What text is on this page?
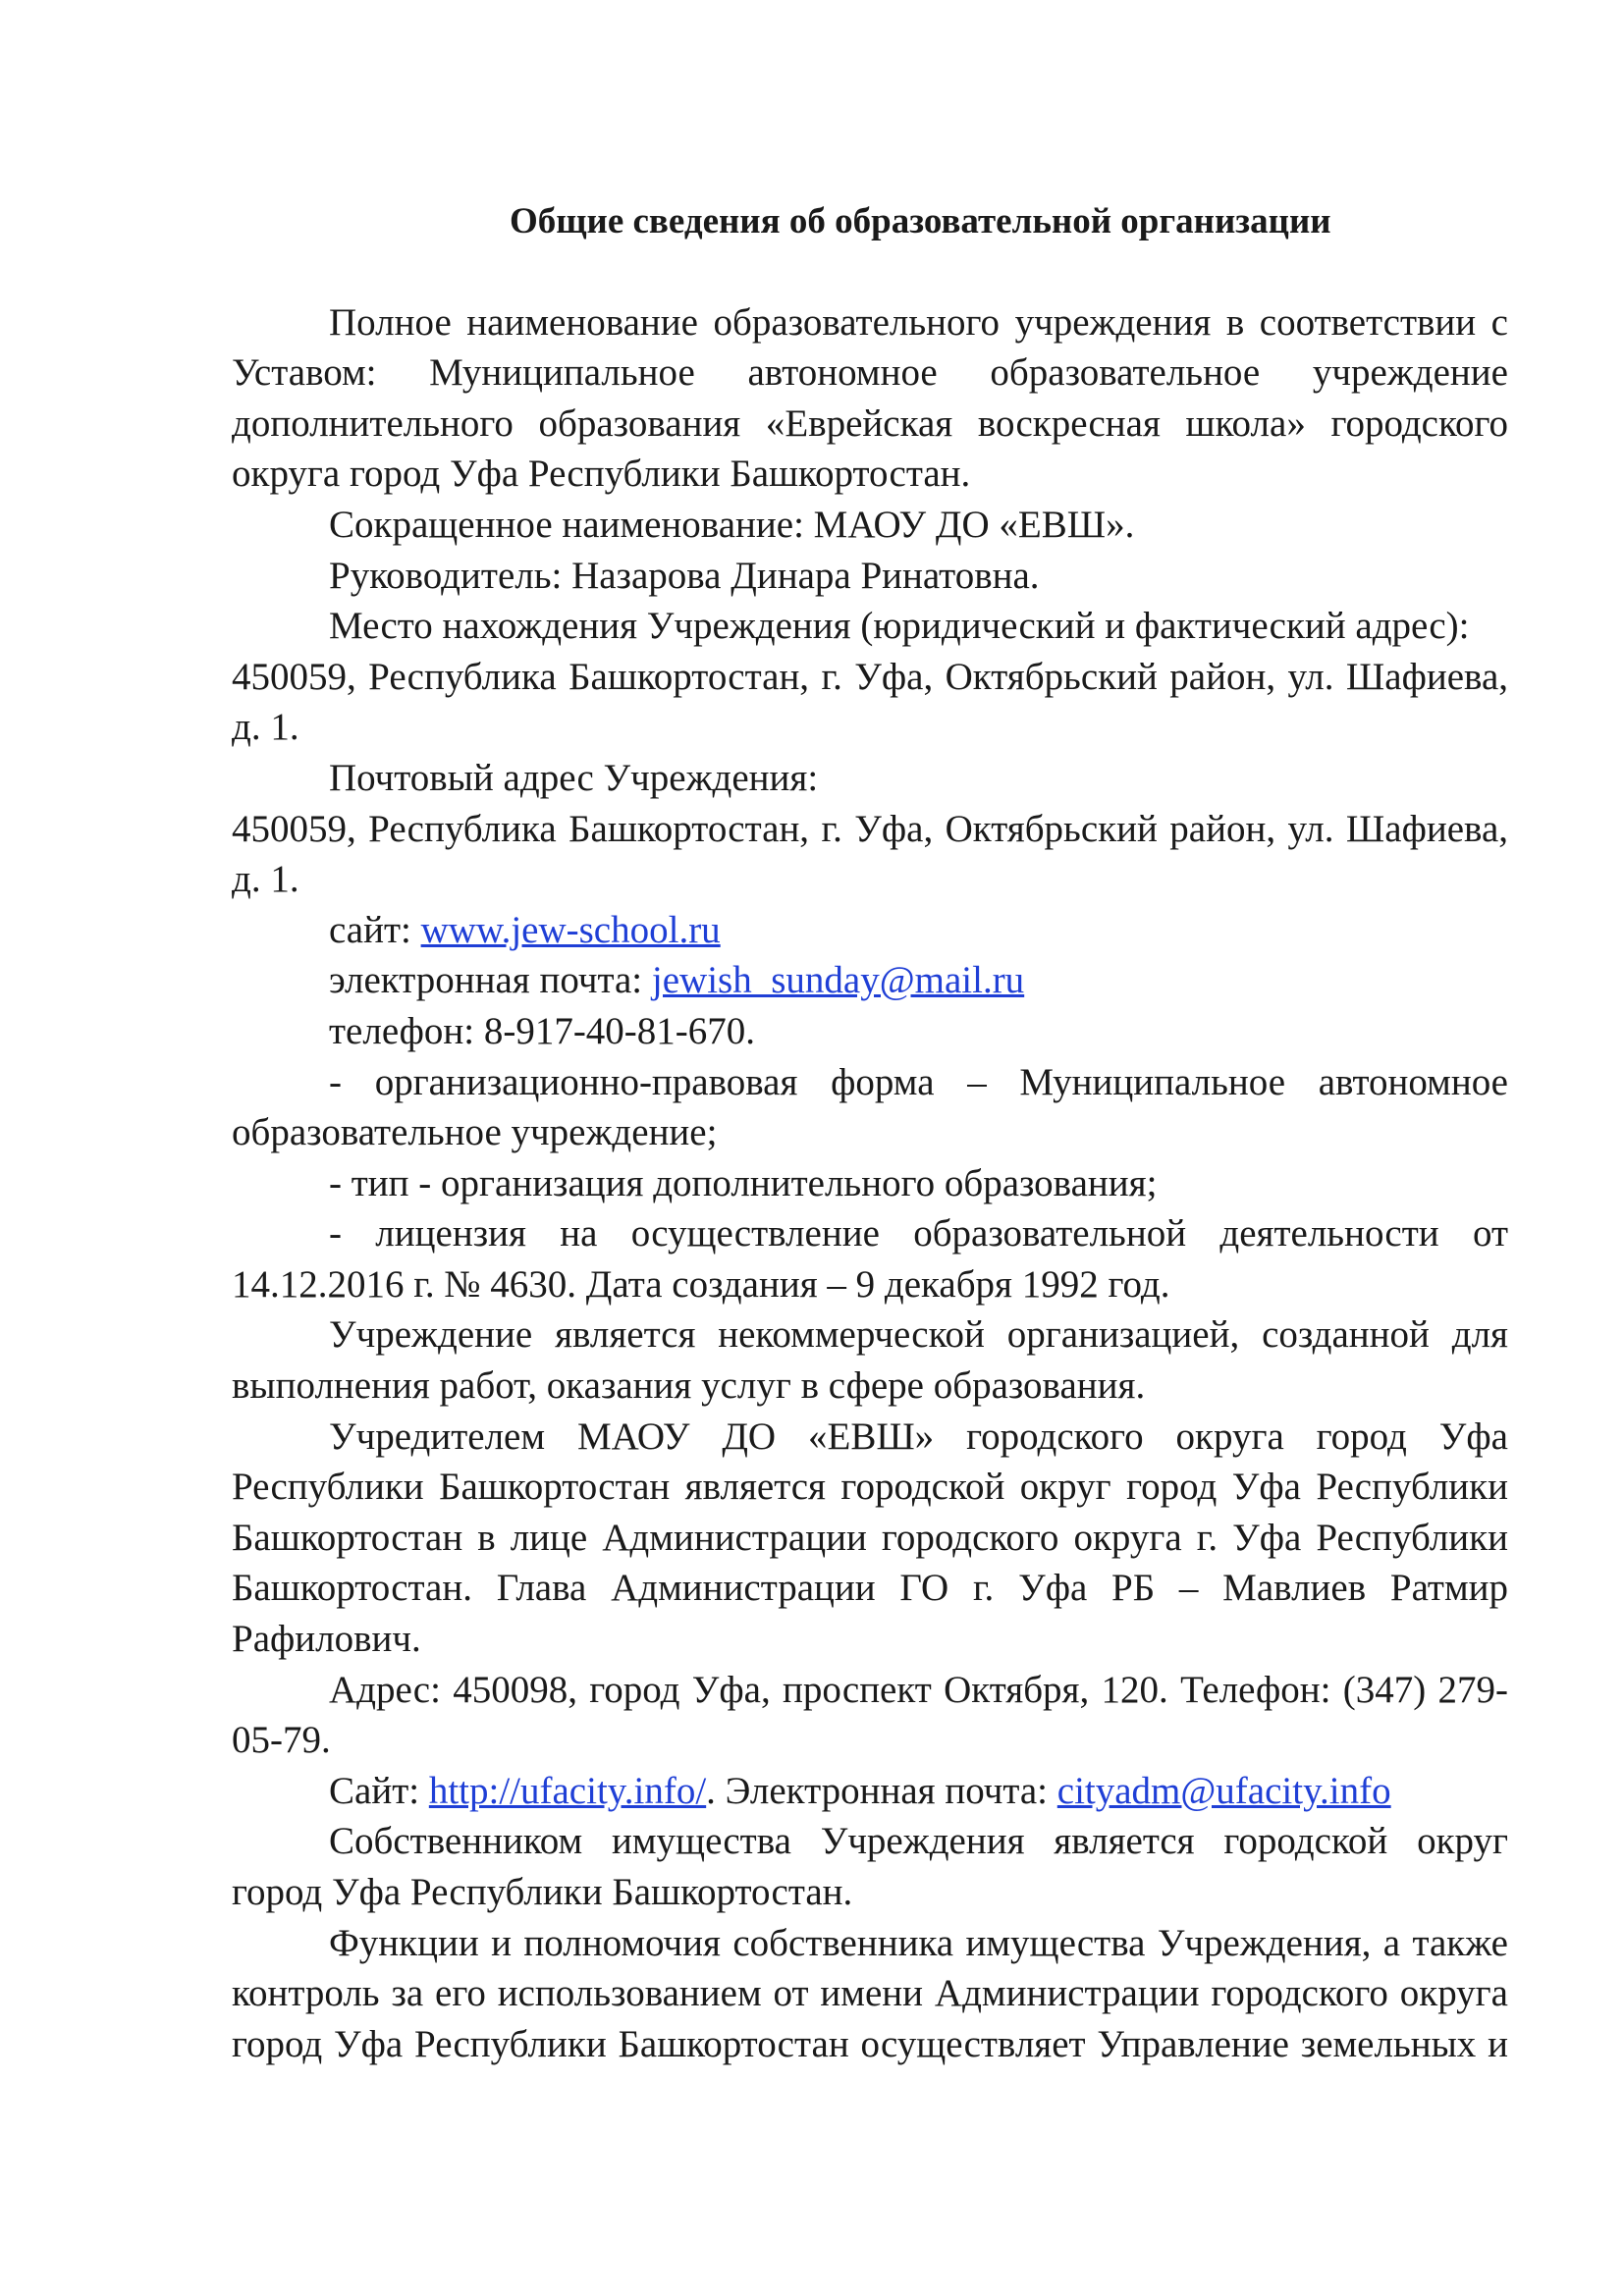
Общие сведения об образовательной организации

Полное наименование образовательного учреждения в соответствии с Уставом: Муниципальное автономное образовательное учреждение дополнительного образования «Еврейская воскресная школа» городского округа город Уфа Республики Башкортостан.

Сокращенное наименование: МАОУ ДО «ЕВШ».

Руководитель: Назарова Динара Ринатовна.

Место нахождения Учреждения (юридический и фактический адрес):

450059, Республика Башкортостан, г. Уфа, Октябрьский район, ул. Шафиева, д. 1.

Почтовый адрес Учреждения:

450059, Республика Башкортостан, г. Уфа, Октябрьский район, ул. Шафиева, д. 1.

сайт: www.jew-school.ru

электронная почта: jewish_sunday@mail.ru

телефон: 8-917-40-81-670.

- организационно-правовая форма – Муниципальное автономное образовательное учреждение;

- тип - организация дополнительного образования;

- лицензия на осуществление образовательной деятельности от 14.12.2016 г. № 4630. Дата создания – 9 декабря 1992 год.

Учреждение является некоммерческой организацией, созданной для выполнения работ, оказания услуг в сфере образования.

Учредителем МАОУ ДО «ЕВШ» городского округа город Уфа Республики Башкортостан является городской округ город Уфа Республики Башкортостан в лице Администрации городского округа г. Уфа Республики Башкортостан. Глава Администрации ГО г. Уфа РБ – Мавлиев Ратмир Рафилович.

Адрес: 450098, город Уфа, проспект Октября, 120. Телефон: (347) 279-05-79.

Сайт: http://ufacity.info/. Электронная почта: cityadm@ufacity.info

Собственником имущества Учреждения является городской округ город Уфа Республики Башкортостан.

Функции и полномочия собственника имущества Учреждения, а также контроль за его использованием от имени Администрации городского округа город Уфа Республики Башкортостан осуществляет Управление земельных и
